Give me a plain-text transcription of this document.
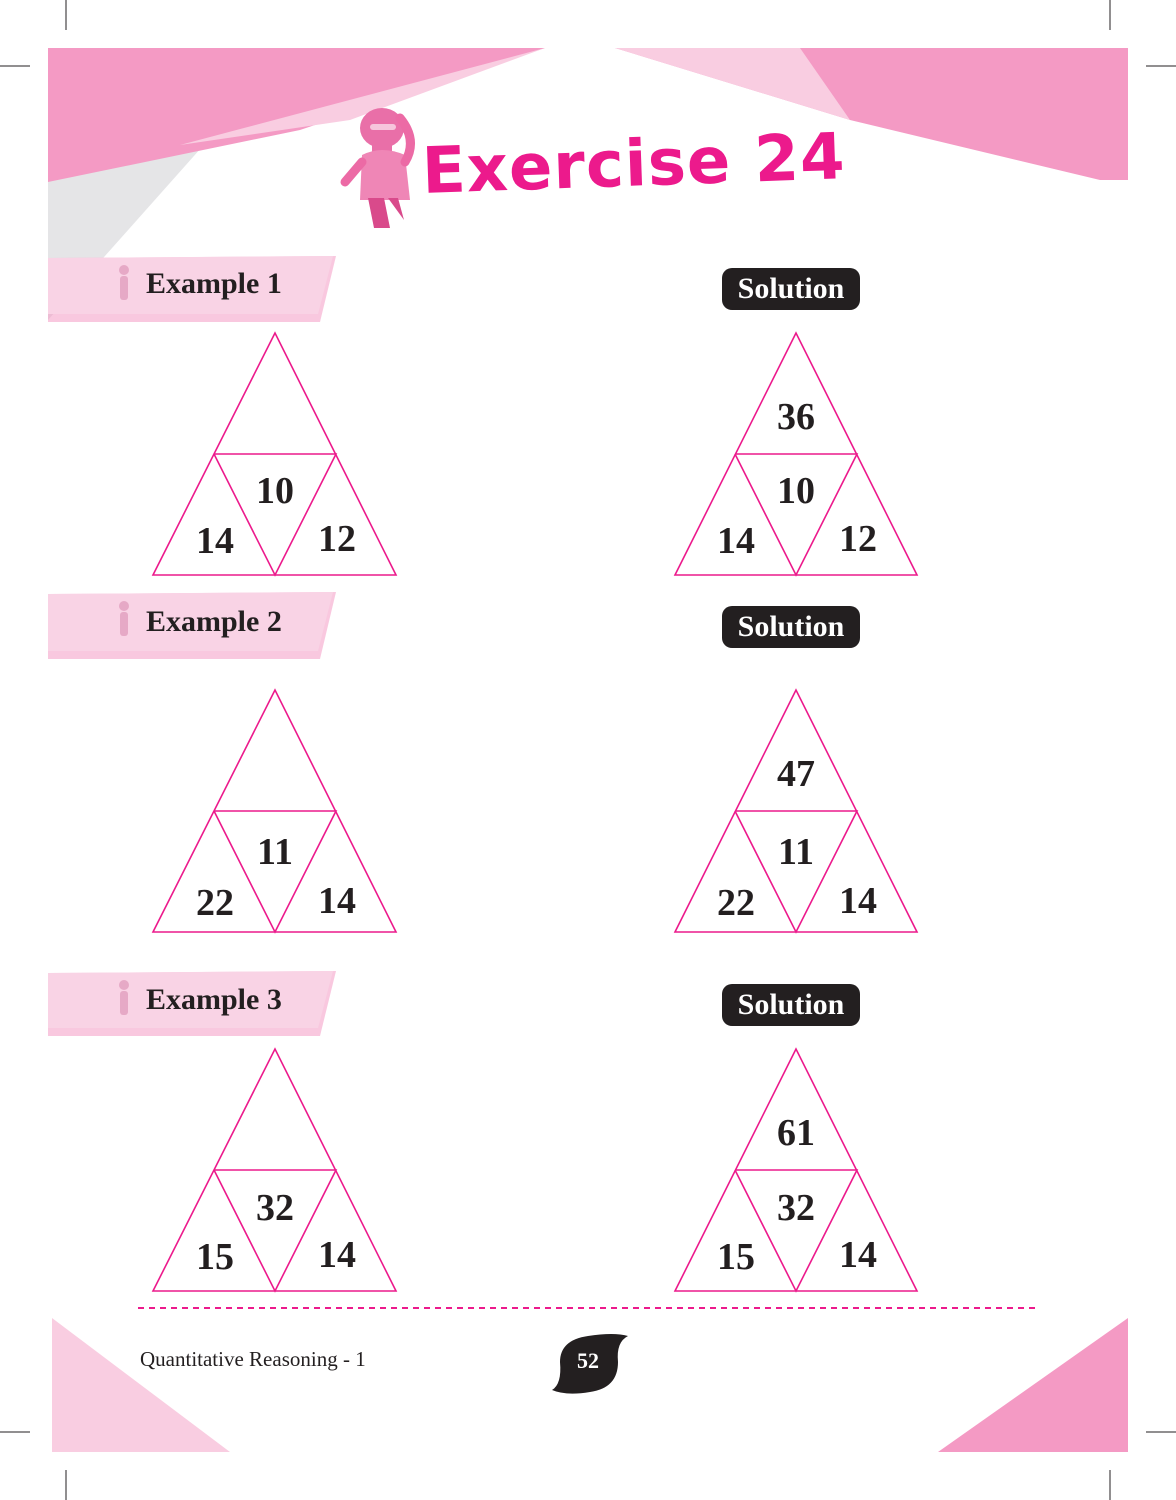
Exercise 24
Example 1	Solution
10
14	12
36
10
14	12
Example 2	Solution
11
22	14
47
11
22	14
Example 3	Solution
32
15	14
61
32
15	14
Quantitative Reasoning - 1	52
